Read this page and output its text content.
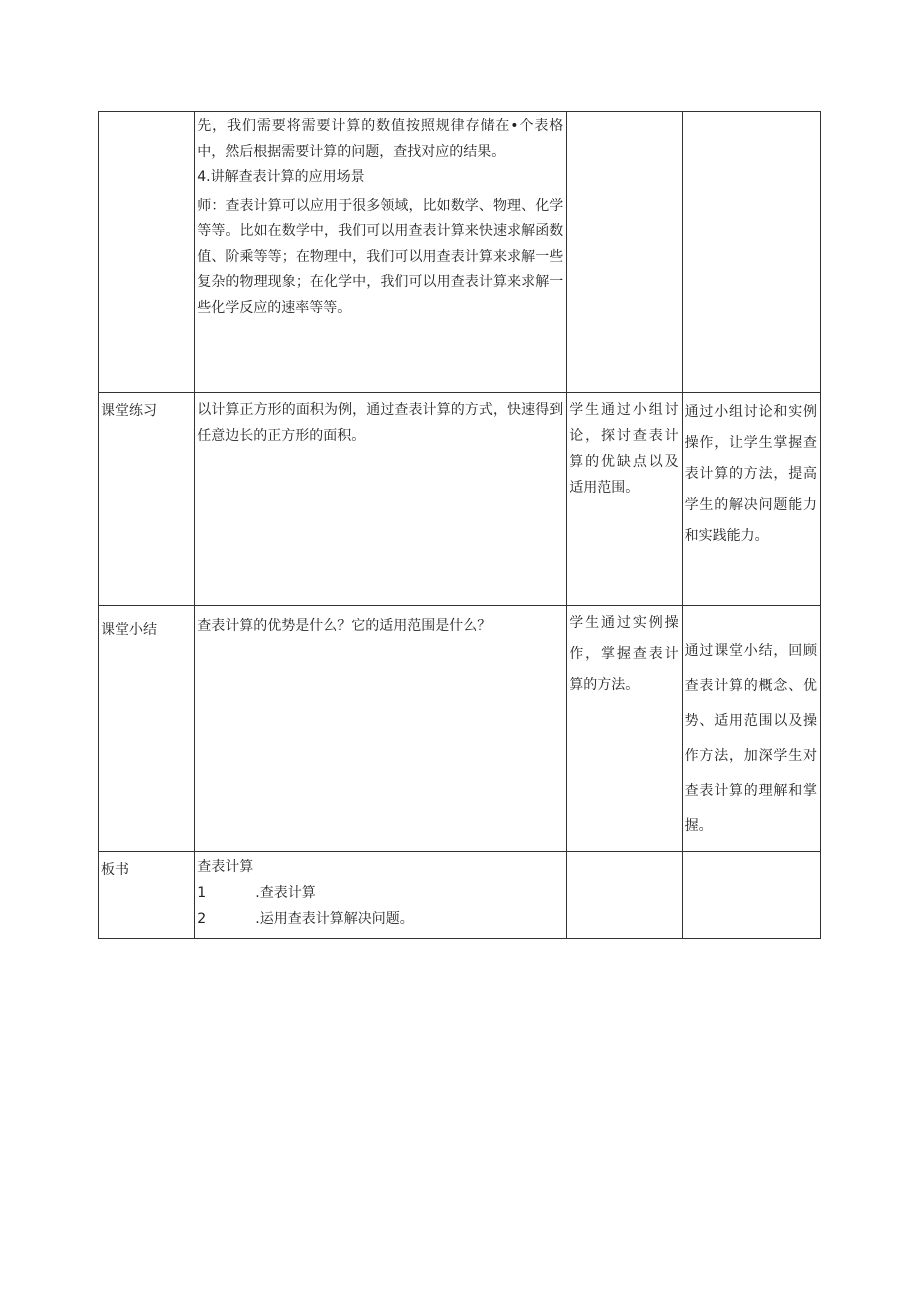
	先，我们需要将需要计算的数值按照规律存储在•个表格中，然后根据需要计算的问题，查找对应的结果。

4.讲解查表计算的应用场景

师：查表计算可以应用于很多领域，比如数学、物理、化学等等。比如在数学中，我们可以用查表计算来快速求解函数值、阶乘等等；在物理中，我们可以用查表计算来求解一些复杂的物理现象；在化学中，我们可以用查表计算来求解一些化学反应的速率等等。		

课堂练习	以计算正方形的面积为例，通过查表计算的方式，快速得到任意边长的正方形的面积。	学生通过小组讨论，探讨查表计算的优缺点以及适用范围。	通过小组讨论和实例操作，让学生掌握查表计算的方法，提高学生的解决问题能力和实践能力。

课堂小结	查表计算的优势是什么？它的适用范围是什么？	学生通过实例操作，掌握查表计算的方法。	通过课堂小结，回顾查表计算的概念、优势、适用范围以及操作方法，加深学生对查表计算的理解和掌握。

板书	查表计算
1 .查表计算
2 .运用查表计算解决问题。		
